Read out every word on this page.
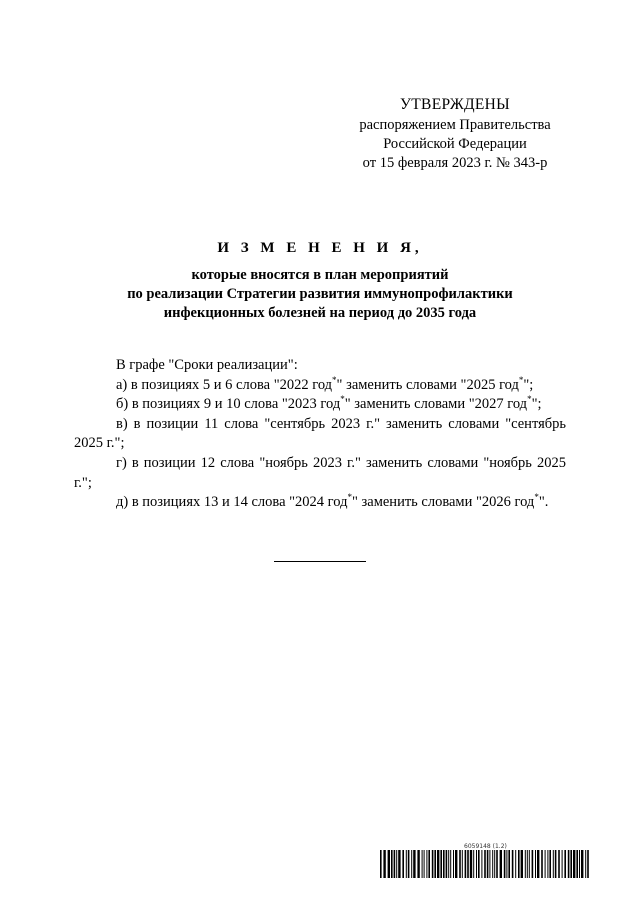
УТВЕРЖДЕНЫ
распоряжением Правительства
Российской Федерации
от 15 февраля 2023 г. № 343-р
И З М Е Н Е Н И Я,
которые вносятся в план мероприятий
по реализации Стратегии развития иммунопрофилактики
инфекционных болезней на период до 2035 года

В графе "Сроки реализации":

а) в позициях 5 и 6 слова "2022 год*" заменить словами "2025 год*";

б) в позициях 9 и 10 слова "2023 год*" заменить словами "2027 год*";

в) в позиции 11 слова "сентябрь 2023 г." заменить словами "сентябрь 2025 г.";

г) в позиции 12 слова "ноябрь 2023 г." заменить словами "ноябрь 2025 г.";

д) в позициях 13 и 14 слова "2024 год*" заменить словами "2026 год*".

6059148 (1.2)
